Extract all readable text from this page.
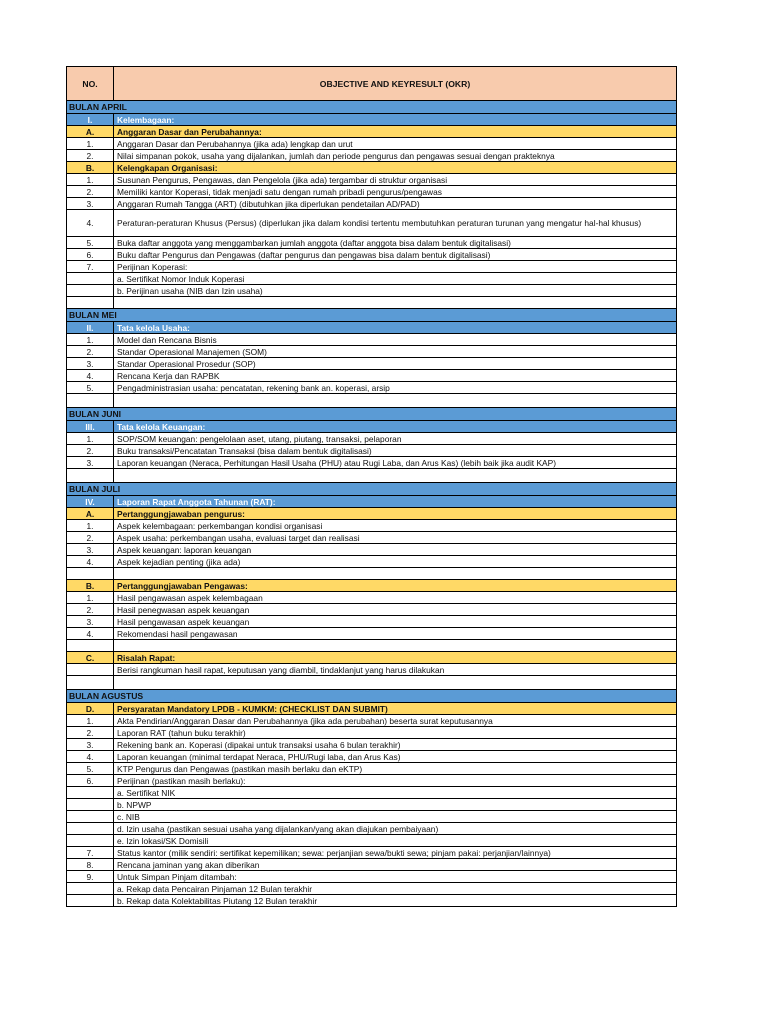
NO.	OBJECTIVE AND KEYRESULT (OKR)
BULAN APRIL
I.	Kelembagaan:
A.	Anggaran Dasar dan Perubahannya:
1.	Anggaran Dasar dan Perubahannya (jika ada) lengkap dan urut
2.	Nilai simpanan pokok, usaha yang dijalankan, jumlah dan periode pengurus dan pengawas sesuai dengan prakteknya
B.	Kelengkapan Organisasi:
1.	Susunan Pengurus, Pengawas, dan Pengelola (jika ada) tergambar di struktur organisasi
2.	Memiliki kantor Koperasi, tidak menjadi satu dengan rumah pribadi pengurus/pengawas
3.	Anggaran Rumah Tangga (ART) (dibutuhkan jika diperlukan pendetailan AD/PAD)
4.	Peraturan-peraturan Khusus (Persus) (diperlukan jika dalam kondisi tertentu membutuhkan peraturan turunan yang mengatur hal-hal khusus)
5.	Buka daftar anggota yang menggambarkan jumlah anggota (daftar anggota bisa dalam bentuk digitalisasi)
6.	Buku daftar Pengurus dan Pengawas (daftar pengurus dan pengawas bisa dalam bentuk digitalisasi)
7.	Perijinan Koperasi:
a. Sertifikat Nomor Induk Koperasi
b. Perijinan usaha (NIB dan Izin usaha)
BULAN MEI
II.	Tata kelola Usaha:
1.	Model dan Rencana Bisnis
2.	Standar Operasional Manajemen (SOM)
3.	Standar Operasional Prosedur (SOP)
4.	Rencana Kerja dan RAPBK
5.	Pengadministrasian usaha: pencatatan, rekening bank an. koperasi, arsip
BULAN JUNI
III.	Tata kelola Keuangan:
1.	SOP/SOM keuangan: pengelolaan aset, utang, piutang, transaksi, pelaporan
2.	Buku transaksi/Pencatatan Transaksi (bisa dalam bentuk digitalisasi)
3.	Laporan keuangan (Neraca, Perhitungan Hasil Usaha (PHU) atau Rugi Laba, dan Arus Kas) (lebih baik jika audit KAP)
BULAN JULI
IV.	Laporan Rapat Anggota Tahunan (RAT):
A.	Pertanggungjawaban pengurus:
1.	Aspek kelembagaan: perkembangan kondisi organisasi
2.	Aspek usaha: perkembangan usaha, evaluasi target dan realisasi
3.	Aspek keuangan: laporan keuangan
4.	Aspek kejadian penting (jika ada)
B.	Pertanggungjawaban Pengawas:
1.	Hasil pengawasan aspek kelembagaan
2.	Hasil penegwasan aspek keuangan
3.	Hasil pengawasan aspek keuangan
4.	Rekomendasi hasil pengawasan
C.	Risalah Rapat:
Berisi rangkuman hasil rapat, keputusan yang diambil, tindaklanjut yang harus dilakukan
BULAN AGUSTUS
D.	Persyaratan Mandatory LPDB - KUMKM: (CHECKLIST DAN SUBMIT)
1.	Akta Pendirian/Anggaran Dasar dan Perubahannya (jika ada perubahan) beserta surat keputusannya
2.	Laporan RAT (tahun buku terakhir)
3.	Rekening bank an. Koperasi (dipakai untuk transaksi usaha 6 bulan terakhir)
4.	Laporan keuangan (minimal terdapat Neraca, PHU/Rugi laba, dan Arus Kas)
5.	KTP Pengurus dan Pengawas (pastikan masih berlaku dan eKTP)
6.	Perijinan (pastikan masih berlaku):
a. Sertifikat NIK
b. NPWP
c. NIB
d. Izin usaha (pastikan sesuai usaha yang dijalankan/yang akan diajukan pembaiyaan)
e. Izin lokasi/SK Domisili
7.	Status kantor (milik sendiri: sertifikat kepemilikan; sewa: perjanjian sewa/bukti sewa; pinjam pakai: perjanjian/lainnya)
8.	Rencana jaminan yang akan diberikan
9.	Untuk Simpan Pinjam ditambah:
a. Rekap data Pencairan Pinjaman 12 Bulan terakhir
b. Rekap data Kolektabilitas Piutang 12 Bulan terakhir
